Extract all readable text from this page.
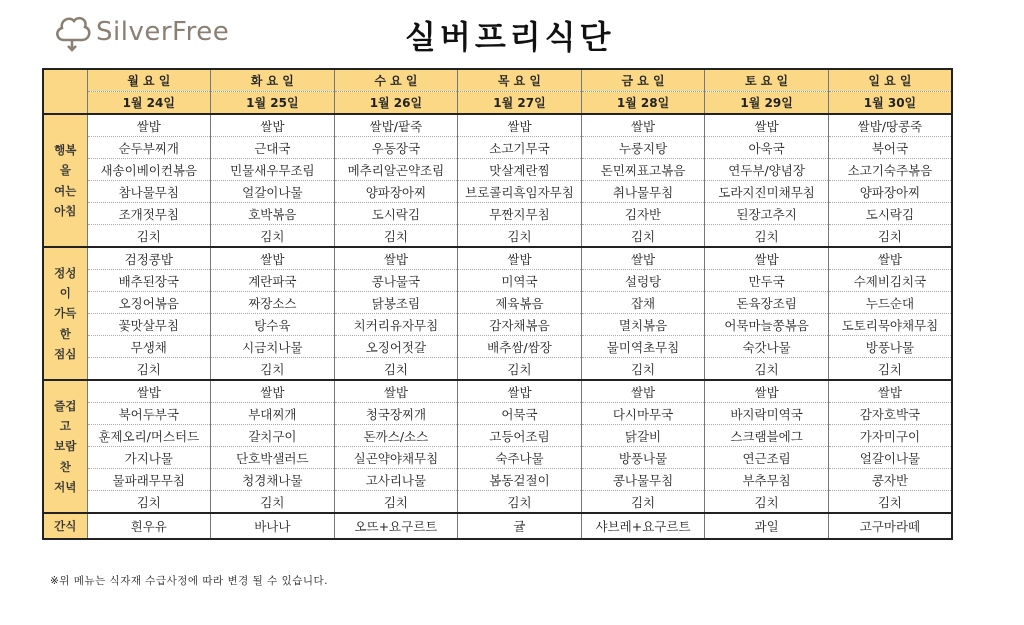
SilverFree	실버프리식단
	월 요 일	화 요 일	수 요 일	목 요 일	금 요 일	토 요 일	일 요 일
	1월 24일	1월 25일	1월 26일	1월 27일	1월 28일	1월 29일	1월 30일

행복
을
여는
아침	쌀밥	쌀밥	쌀밥/팥죽	쌀밥	쌀밥	쌀밥	쌀밥/땅콩죽
	순두부찌개	근대국	우동장국	소고기무국	누룽지탕	아욱국	북어국
	새송이베이컨볶음	민물새우무조림	메추리알곤약조림	맛살계란찜	돈민찌표고볶음	연두부/양념장	소고기숙주볶음
	참나물무침	얼갈이나물	양파장아찌	브로콜리흑임자무침	취나물무침	도라지진미채무침	양파장아찌
	조개젓무침	호박볶음	도시락김	무짠지무침	김자반	된장고추지	도시락김
	김치	김치	김치	김치	김치	김치	김치

정성
이
가득
한
점심	검정콩밥	쌀밥	쌀밥	쌀밥	쌀밥	쌀밥	쌀밥
	배추된장국	계란파국	콩나물국	미역국	설렁탕	만두국	수제비김치국
	오징어볶음	짜장소스	닭봉조림	제육볶음	잡채	돈육장조림	누드순대
	꽃맛살무침	탕수육	치커리유자무침	감자채볶음	멸치볶음	어묵마늘쫑볶음	도토리묵야채무침
	무생채	시금치나물	오징어젓갈	배추쌈/쌈장	물미역초무침	숙갓나물	방풍나물
	김치	김치	김치	김치	김치	김치	김치

즐겁
고
보람
찬
저녁	쌀밥	쌀밥	쌀밥	쌀밥	쌀밥	쌀밥	쌀밥
	북어두부국	부대찌개	청국장찌개	어묵국	다시마무국	바지락미역국	감자호박국
	훈제오리/머스터드	갈치구이	돈까스/소스	고등어조림	닭갈비	스크램블에그	가자미구이
	가지나물	단호박샐러드	실곤약야채무침	숙주나물	방풍나물	연근조림	얼갈이나물
	물파래무무침	청경채나물	고사리나물	봄동겉절이	콩나물무침	부추무침	콩자반
	김치	김치	김치	김치	김치	김치	김치
간식	흰우유	바나나	오뜨+요구르트	귤	샤브레+요구르트	과일	고구마라떼
※위 메뉴는 식자재 수급사정에 따라 변경 될 수 있습니다.
